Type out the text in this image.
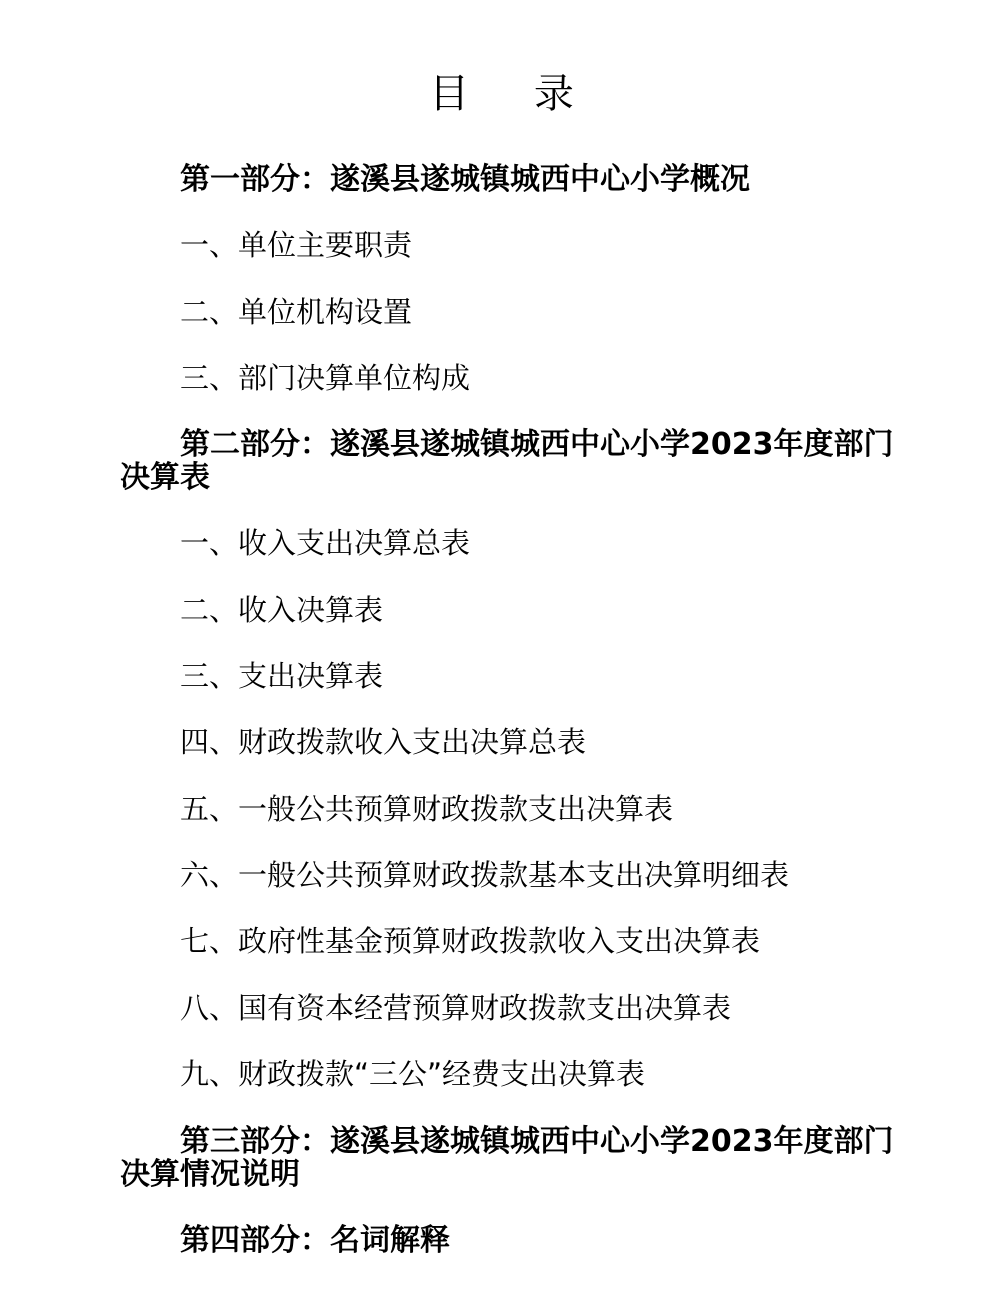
目 录
第一部分：遂溪县遂城镇城西中心小学概况
一、单位主要职责
二、单位机构设置
三、部门决算单位构成
第二部分：遂溪县遂城镇城西中心小学2023年度部门决算表
一、收入支出决算总表
二、收入决算表
三、支出决算表
四、财政拨款收入支出决算总表
五、一般公共预算财政拨款支出决算表
六、一般公共预算财政拨款基本支出决算明细表
七、政府性基金预算财政拨款收入支出决算表
八、国有资本经营预算财政拨款支出决算表
九、财政拨款“三公”经费支出决算表
第三部分：遂溪县遂城镇城西中心小学2023年度部门决算情况说明
第四部分：名词解释
